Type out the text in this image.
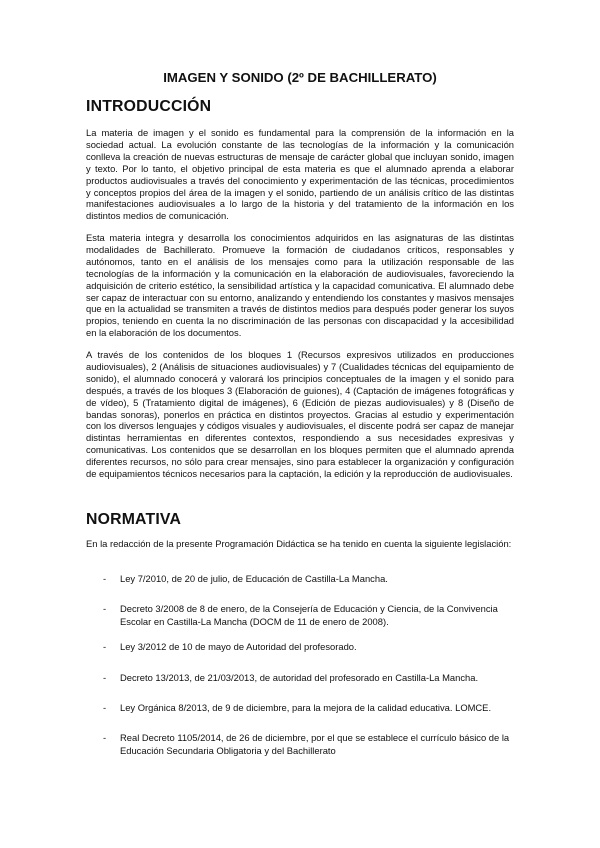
IMAGEN Y SONIDO (2º DE BACHILLERATO)
INTRODUCCIÓN

La materia de imagen y el sonido es fundamental para la comprensión de la información en la sociedad actual. La evolución constante de las tecnologías de la información y la comunicación conlleva la creación de nuevas estructuras de mensaje de carácter global que incluyan sonido, imagen y texto. Por lo tanto, el objetivo principal de esta materia es que el alumnado aprenda a elaborar productos audiovisuales a través del conocimiento y experimentación de las técnicas, procedimientos y conceptos propios del área de la imagen y el sonido, partiendo de un análisis crítico de las distintas manifestaciones audiovisuales a lo largo de la historia y del tratamiento de la información en los distintos medios de comunicación.

Esta materia integra y desarrolla los conocimientos adquiridos en las asignaturas de las distintas modalidades de Bachillerato. Promueve la formación de ciudadanos críticos, responsables y autónomos, tanto en el análisis de los mensajes como para la utilización responsable de las tecnologías de la información y la comunicación en la elaboración de audiovisuales, favoreciendo la adquisición de criterio estético, la sensibilidad artística y la capacidad comunicativa. El alumnado debe ser capaz de interactuar con su entorno, analizando y entendiendo los constantes y masivos mensajes que en la actualidad se transmiten a través de distintos medios para después poder generar los suyos propios, teniendo en cuenta la no discriminación de las personas con discapacidad y la accesibilidad en la elaboración de los documentos.

A través de los contenidos de los bloques 1 (Recursos expresivos utilizados en producciones audiovisuales), 2 (Análisis de situaciones audiovisuales) y 7 (Cualidades técnicas del equipamiento de sonido), el alumnado conocerá y valorará los principios conceptuales de la imagen y el sonido para después, a través de los bloques 3 (Elaboración de guiones), 4 (Captación de imágenes fotográficas y de vídeo), 5 (Tratamiento digital de imágenes), 6 (Edición de piezas audiovisuales) y 8 (Diseño de bandas sonoras), ponerlos en práctica en distintos proyectos. Gracias al estudio y experimentación con los diversos lenguajes y códigos visuales y audiovisuales, el discente podrá ser capaz de manejar distintas herramientas en diferentes contextos, respondiendo a sus necesidades expresivas y comunicativas. Los contenidos que se desarrollan en los bloques permiten que el alumnado aprenda diferentes recursos, no sólo para crear mensajes, sino para establecer la organización y configuración de equipamientos técnicos necesarios para la captación, la edición y la reproducción de audiovisuales.

NORMATIVA

En la redacción de la presente Programación Didáctica se ha tenido en cuenta la siguiente legislación:

- Ley 7/2010, de 20 de julio, de Educación de Castilla-La Mancha.
- Decreto 3/2008 de 8 de enero, de la Consejería de Educación y Ciencia, de la Convivencia Escolar en Castilla-La Mancha (DOCM de 11 de enero de 2008).
- Ley 3/2012 de 10 de mayo de Autoridad del profesorado.
- Decreto 13/2013, de 21/03/2013, de autoridad del profesorado en Castilla-La Mancha.
- Ley Orgánica 8/2013, de 9 de diciembre, para la mejora de la calidad educativa. LOMCE.
- Real Decreto 1105/2014, de 26 de diciembre, por el que se establece el currículo básico de la Educación Secundaria Obligatoria y del Bachillerato
